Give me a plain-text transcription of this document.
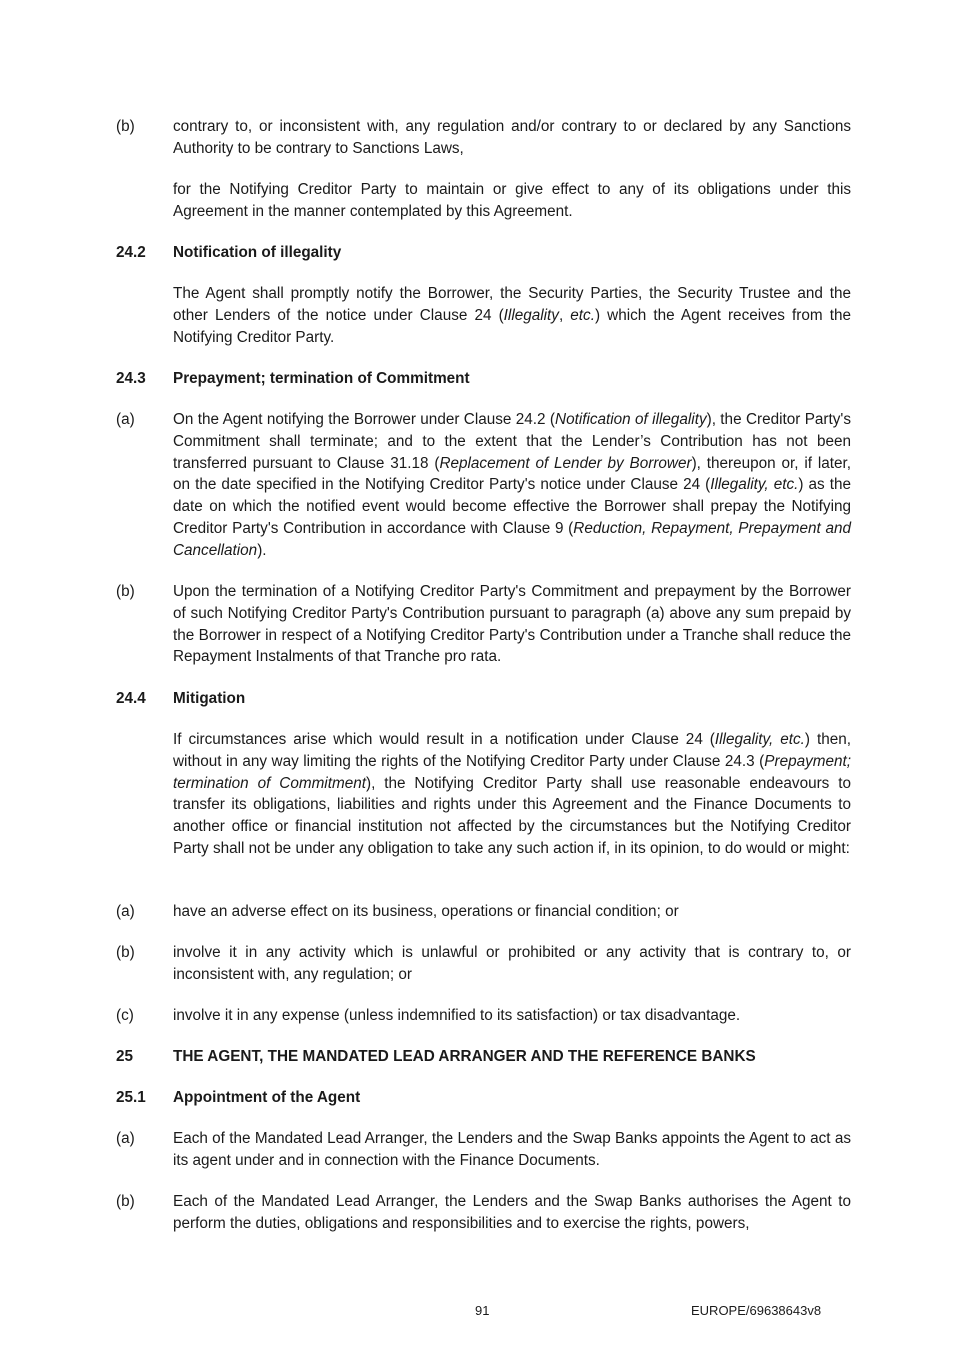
(b)	contrary to, or inconsistent with, any regulation and/or contrary to or declared by any Sanctions Authority to be contrary to Sanctions Laws,

for the Notifying Creditor Party to maintain or give effect to any of its obligations under this Agreement in the manner contemplated by this Agreement.

24.2 Notification of illegality

The Agent shall promptly notify the Borrower, the Security Parties, the Security Trustee and the other Lenders of the notice under Clause 24 (Illegality, etc.) which the Agent receives from the Notifying Creditor Party.

24.3 Prepayment; termination of Commitment

(a)	On the Agent notifying the Borrower under Clause 24.2 (Notification of illegality), the Creditor Party's Commitment shall terminate; and to the extent that the Lender’s Contribution has not been transferred pursuant to Clause 31.18 (Replacement of Lender by Borrower), thereupon or, if later, on the date specified in the Notifying Creditor Party's notice under Clause 24 (Illegality, etc.) as the date on which the notified event would become effective the Borrower shall prepay the Notifying Creditor Party's Contribution in accordance with Clause 9 (Reduction, Repayment, Prepayment and Cancellation).

(b)	Upon the termination of a Notifying Creditor Party's Commitment and prepayment by the Borrower of such Notifying Creditor Party's Contribution pursuant to paragraph (a) above any sum prepaid by the Borrower in respect of a Notifying Creditor Party's Contribution under a Tranche shall reduce the Repayment Instalments of that Tranche pro rata.

24.4 Mitigation

If circumstances arise which would result in a notification under Clause 24 (Illegality, etc.) then, without in any way limiting the rights of the Notifying Creditor Party under Clause 24.3 (Prepayment; termination of Commitment), the Notifying Creditor Party shall use reasonable endeavours to transfer its obligations, liabilities and rights under this Agreement and the Finance Documents to another office or financial institution not affected by the circumstances but the Notifying Creditor Party shall not be under any obligation to take any such action if, in its opinion, to do would or might:

(a)	have an adverse effect on its business, operations or financial condition; or

(b)	involve it in any activity which is unlawful or prohibited or any activity that is contrary to, or inconsistent with, any regulation; or

(c)	involve it in any expense (unless indemnified to its satisfaction) or tax disadvantage.

25	THE AGENT, THE MANDATED LEAD ARRANGER AND THE REFERENCE BANKS

25.1 Appointment of the Agent

(a)	Each of the Mandated Lead Arranger, the Lenders and the Swap Banks appoints the Agent to act as its agent under and in connection with the Finance Documents.

(b)	Each of the Mandated Lead Arranger, the Lenders and the Swap Banks authorises the Agent to perform the duties, obligations and responsibilities and to exercise the rights, powers,

91	EUROPE/69638643v8
